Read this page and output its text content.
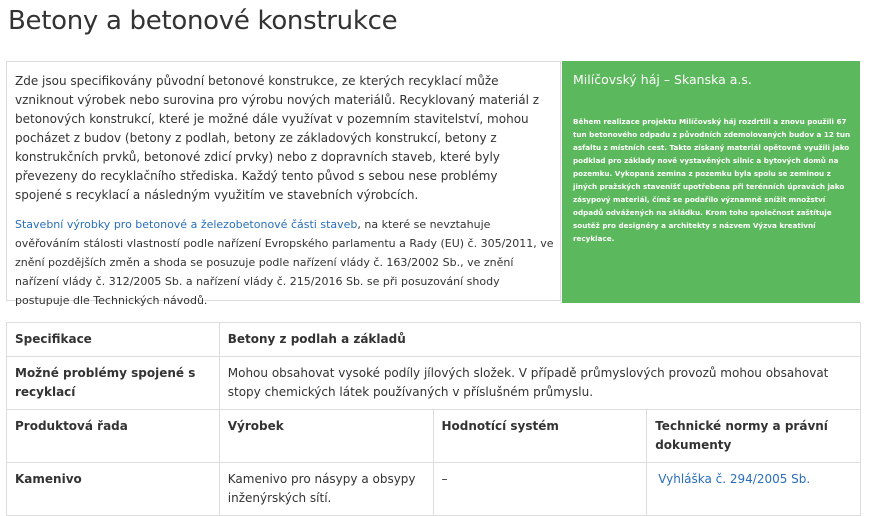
Betony a betonové konstrukce

Zde jsou specifikovány původní betonové konstrukce, ze kterých recyklací může vzniknout výrobek nebo surovina pro výrobu nových materiálů. Recyklovaný materiál z betonových konstrukcí, které je možné dále využívat v pozemním stavitelství, mohou pocházet z budov (betony z podlah, betony ze základových konstrukcí, betony z konstrukčních prvků, betonové zdicí prvky) nebo z dopravních staveb, které byly převezeny do recyklačního střediska. Každý tento původ s sebou nese problémy spojené s recyklací a následným využitím ve stavebních výrobcích.

Stavební výrobky pro betonové a železobetonové části staveb, na které se nevztahuje ověřováním stálosti vlastností podle nařízení Evropského parlamentu a Rady (EU) č. 305/2011, ve znění pozdějších změn a shoda se posuzuje podle nařízení vlády č. 163/2002 Sb., ve znění nařízení vlády č. 312/2005 Sb. a nařízení vlády č. 215/2016 Sb. se při posuzování shody postupuje dle Technických návodů.

Milíčovský háj – Skanska a.s.

Během realizace projektu Milíčovský háj rozdrtili a znovu použili 67 tun betonového odpadu z původních zdemolovaných budov a 12 tun asfaltu z místních cest. Takto získaný materiál opětovně využili jako podklad pro základy nově vystavěných silnic a bytových domů na pozemku. Vykopaná zemina z pozemku byla spolu se zeminou z jiných pražských stavenišť upotřebena při terénních úpravách jako zásypový materiál, čímž se podařilo významně snížit množství odpadů odvážených na skládku. Krom toho společnost zaštítuje soutěž pro designéry a architekty s názvem Výzva kreativní recyklace.

Specifikace	Betony z podlah a základů		
Možné problémy spojené s recyklací	Mohou obsahovat vysoké podíly jílových složek. V případě průmyslových provozů mohou obsahovat stopy chemických látek používaných v příslušném průmyslu.		
Produktová řada	Výrobek	Hodnotící systém	Technické normy a právní dokumenty
Kamenivo	Kamenivo pro násypy a obsypy inženýrských sítí.	–	Vyhláška č. 294/2005 Sb.
